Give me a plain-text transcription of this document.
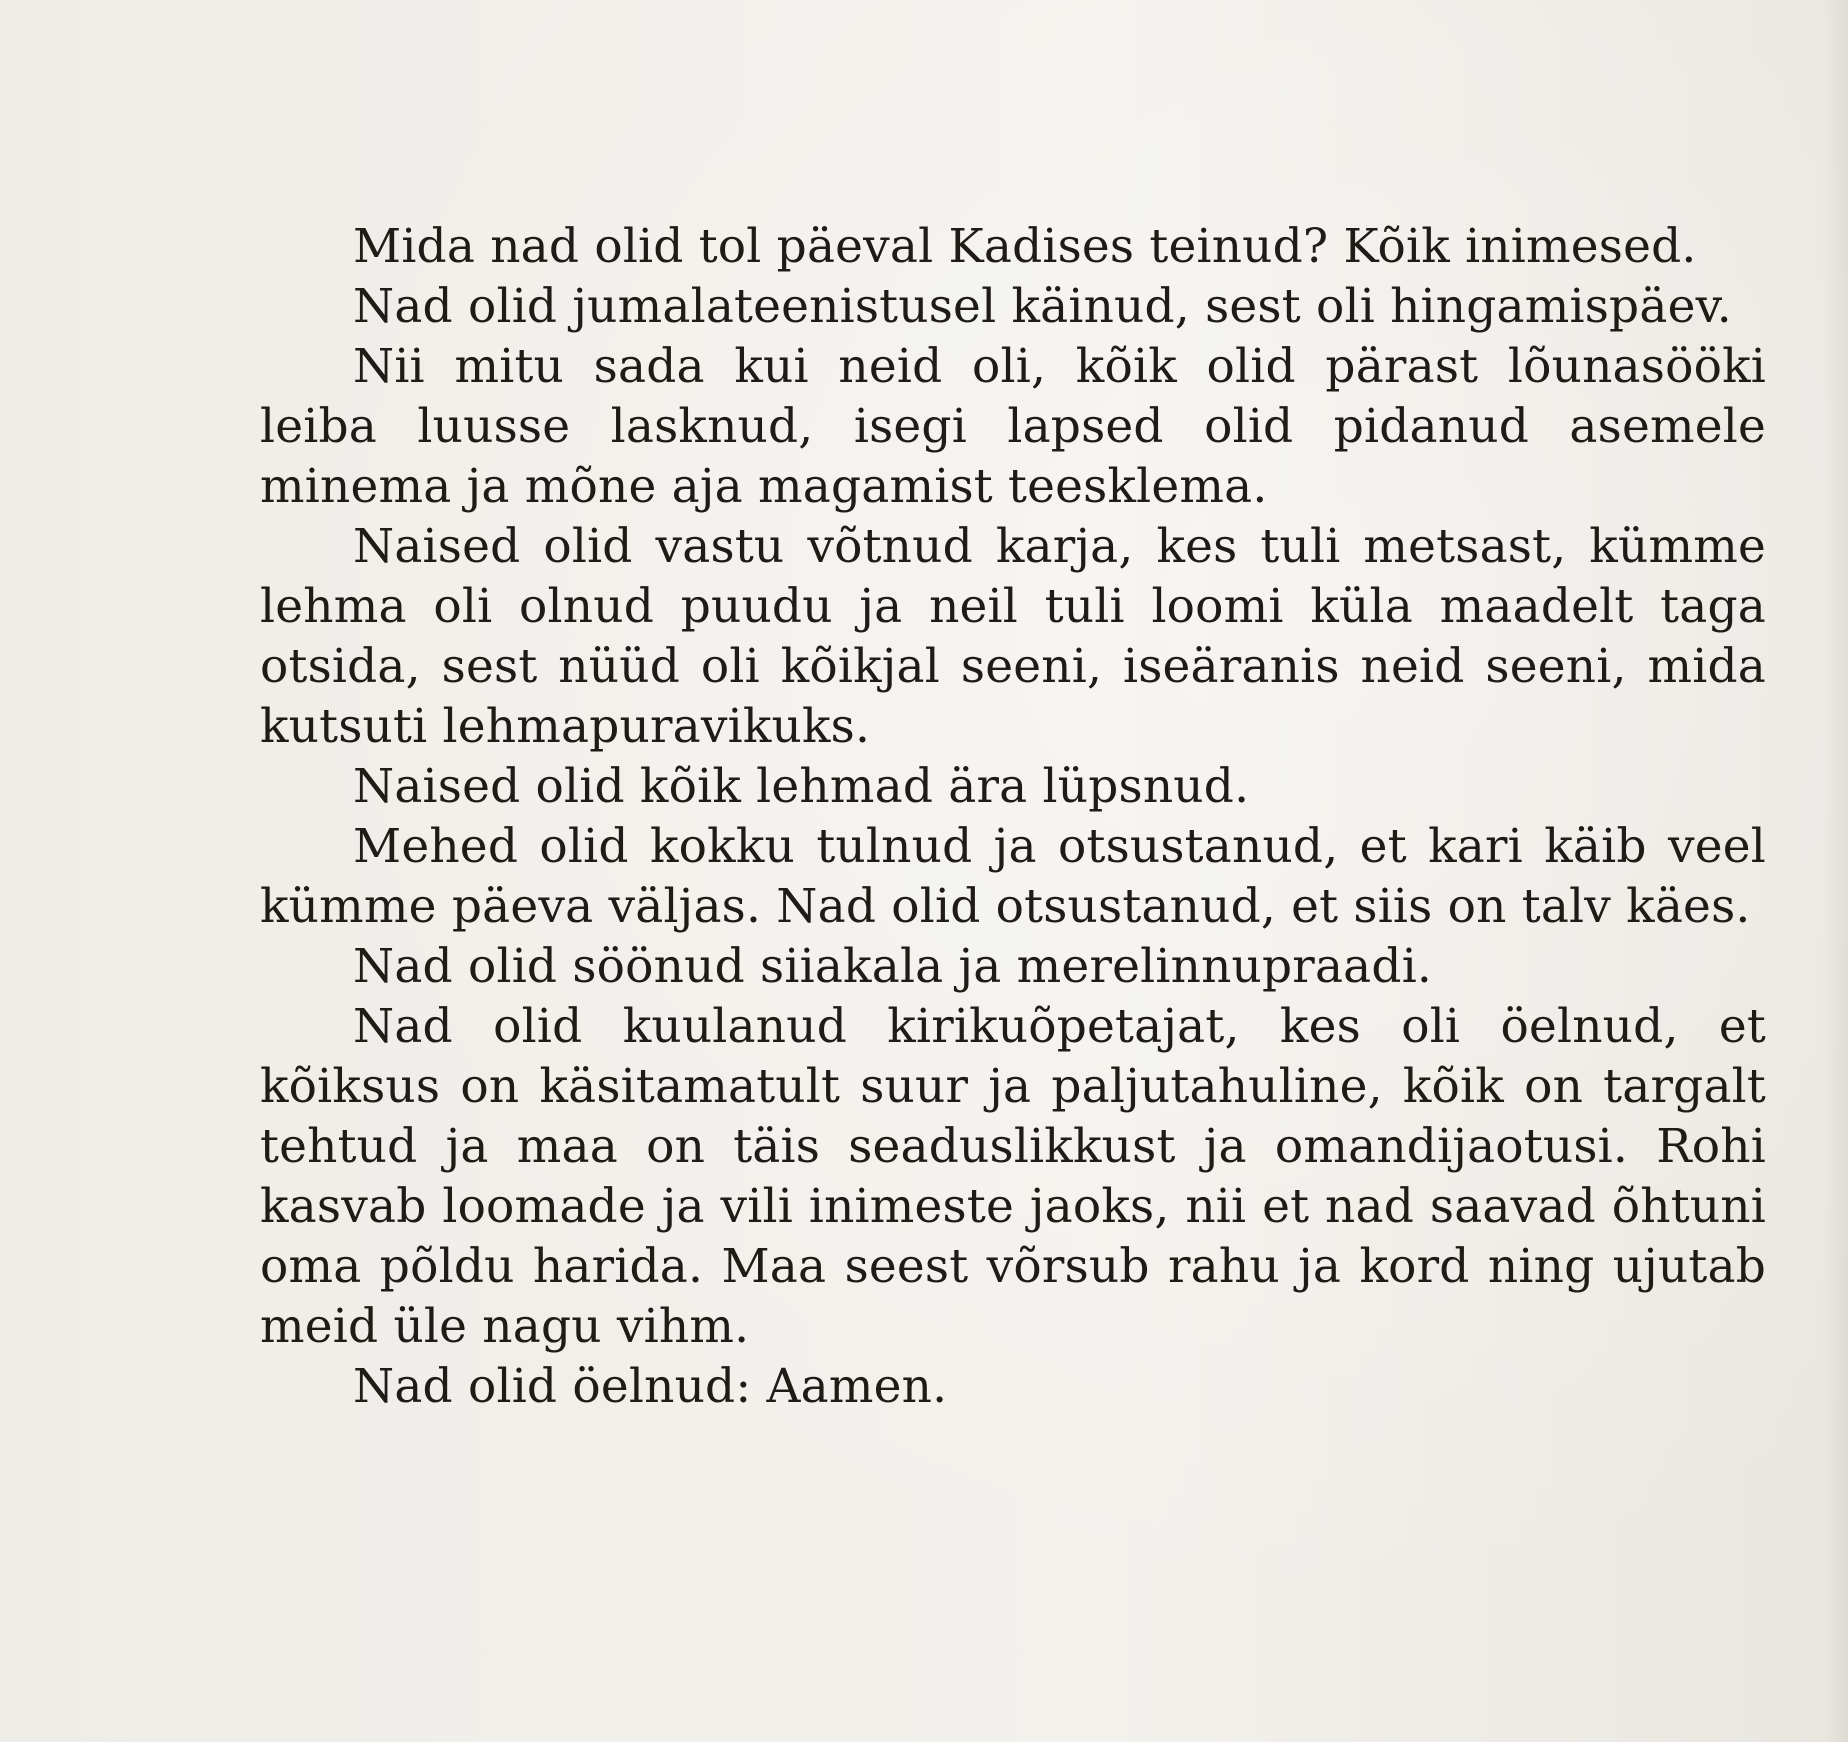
Mida nad olid tol päeval Kadises teinud? Kõik inimesed.

Nad olid jumalateenistusel käinud, sest oli hingamispäev.

Nii mitu sada kui neid oli, kõik olid pärast lõunasööki leiba luusse lasknud, isegi lapsed olid pidanud asemele minema ja mõne aja magamist teesklema.

Naised olid vastu võtnud karja, kes tuli metsast, kümme lehma oli olnud puudu ja neil tuli loomi küla maadelt taga otsida, sest nüüd oli kõikjal seeni, iseäranis neid seeni, mida kutsuti lehmapuravikuks.

Naised olid kõik lehmad ära lüpsnud.

Mehed olid kokku tulnud ja otsustanud, et kari käib veel kümme päeva väljas. Nad olid otsustanud, et siis on talv käes.

Nad olid söönud siiakala ja merelinnupraadi.

Nad olid kuulanud kirikuõpetajat, kes oli öelnud, et kõiksus on käsitamatult suur ja paljutahuline, kõik on targalt tehtud ja maa on täis seaduslikkust ja omandijaotusi. Rohi kasvab loomade ja vili inimeste jaoks, nii et nad saavad õhtuni oma põldu harida. Maa seest võrsub rahu ja kord ning ujutab meid üle nagu vihm.

Nad olid öelnud: Aamen.
